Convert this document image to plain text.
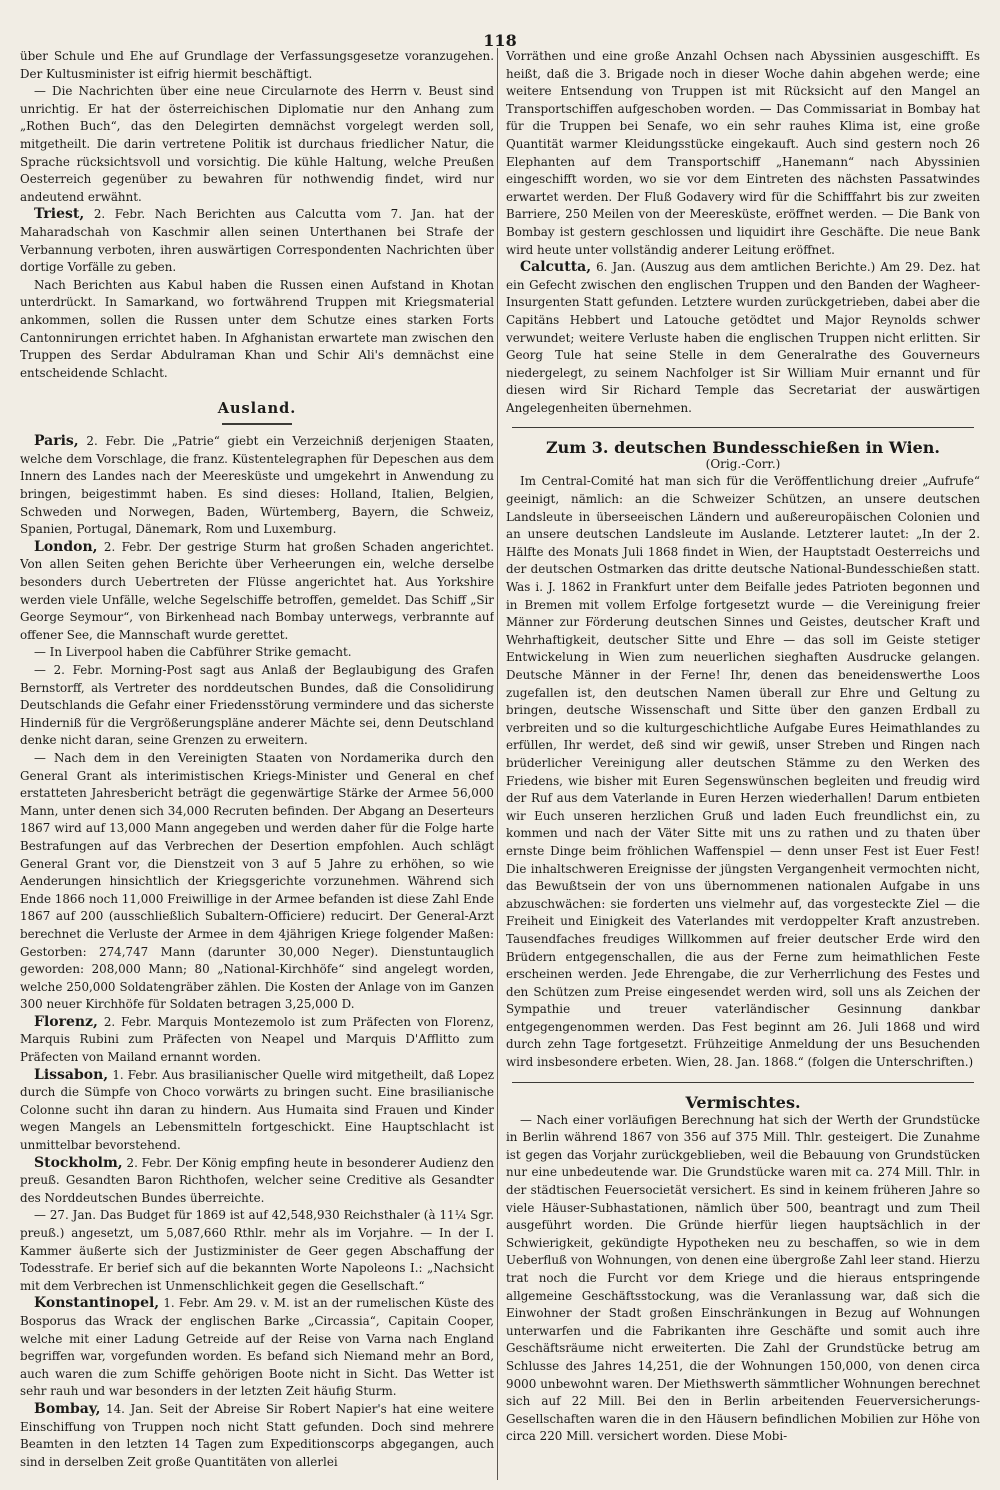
118

über Schule und Ehe auf Grundlage der Verfassungsgesetze voranzugehen. Der Kultusminister ist eifrig hiermit beschäftigt.

— Die Nachrichten über eine neue Circularnote des Herrn v. Beust sind unrichtig. Er hat der österreichischen Diplomatie nur den Anhang zum „Rothen Buch“, das den Delegirten demnächst vorgelegt werden soll, mitgetheilt. Die darin vertretene Politik ist durchaus friedlicher Natur, die Sprache rücksichtsvoll und vorsichtig. Die kühle Haltung, welche Preußen Oesterreich gegenüber zu bewahren für nothwendig findet, wird nur andeutend erwähnt.

Triest, 2. Febr. Nach Berichten aus Calcutta vom 7. Jan. hat der Maharadschah von Kaschmir allen seinen Unterthanen bei Strafe der Verbannung verboten, ihren auswärtigen Correspondenten Nachrichten über dortige Vorfälle zu geben.

Nach Berichten aus Kabul haben die Russen einen Aufstand in Khotan unterdrückt. In Samarkand, wo fortwährend Truppen mit Kriegsmaterial ankommen, sollen die Russen unter dem Schutze eines starken Forts Cantonnirungen errichtet haben. In Afghanistan erwartete man zwischen den Truppen des Serdar Abdulraman Khan und Schir Ali's demnächst eine entscheidende Schlacht.

Ausland.

Paris, 2. Febr. Die „Patrie“ giebt ein Verzeichniß derjenigen Staaten, welche dem Vorschlage, die franz. Küstentelegraphen für Depeschen aus dem Innern des Landes nach der Meeresküste und umgekehrt in Anwendung zu bringen, beigestimmt haben. Es sind dieses: Holland, Italien, Belgien, Schweden und Norwegen, Baden, Würtemberg, Bayern, die Schweiz, Spanien, Portugal, Dänemark, Rom und Luxemburg.

London, 2. Febr. Der gestrige Sturm hat großen Schaden angerichtet. Von allen Seiten gehen Berichte über Verheerungen ein, welche derselbe besonders durch Uebertreten der Flüsse angerichtet hat. Aus Yorkshire werden viele Unfälle, welche Segelschiffe betroffen, gemeldet. Das Schiff „Sir George Seymour“, von Birkenhead nach Bombay unterwegs, verbrannte auf offener See, die Mannschaft wurde gerettet.

— In Liverpool haben die Cabführer Strike gemacht.

— 2. Febr. Morning-Post sagt aus Anlaß der Beglaubigung des Grafen Bernstorff, als Vertreter des norddeutschen Bundes, daß die Consolidirung Deutschlands die Gefahr einer Friedensstörung verminderе und das sicherste Hinderniß für die Vergrößerungspläne anderer Mächte sei, denn Deutschland denke nicht daran, seine Grenzen zu erweitern.

— Nach dem in den Vereinigten Staaten von Nordamerika durch den General Grant als interimistischen Kriegs-Minister und General en chef erstatteten Jahresbericht beträgt die gegenwärtige Stärke der Armee 56,000 Mann, unter denen sich 34,000 Recruten befinden. Der Abgang an Deserteurs 1867 wird auf 13,000 Mann angegeben und werden daher für die Folge harte Bestrafungen auf das Verbrechen der Desertion empfohlen. Auch schlägt General Grant vor, die Dienstzeit von 3 auf 5 Jahre zu erhöhen, so wie Aenderungen hinsichtlich der Kriegsgerichte vorzunehmen. Während sich Ende 1866 noch 11,000 Freiwillige in der Armee befanden ist diese Zahl Ende 1867 auf 200 (ausschließlich Subaltern-Officiere) reducirt. Der General-Arzt berechnet die Verluste der Armee in dem 4jährigen Kriege folgender Maßen: Gestorben: 274,747 Mann (darunter 30,000 Neger). Dienstuntauglich geworden: 208,000 Mann; 80 „National-Kirchhöfe“ sind angelegt worden, welche 250,000 Soldatengräber zählen. Die Kosten der Anlage von im Ganzen 300 neuer Kirchhöfe für Soldaten betragen 3,25,000 D.

Florenz, 2. Febr. Marquis Montezemolo ist zum Präfecten von Florenz, Marquis Rubini zum Präfecten von Neapel und Marquis D'Afflitto zum Präfecten von Mailand ernannt worden.

Lissabon, 1. Febr. Aus brasilianischer Quelle wird mitgetheilt, daß Lopez durch die Sümpfe von Choco vorwärts zu bringen sucht. Eine brasilianische Colonne sucht ihn daran zu hindern. Aus Humaita sind Frauen und Kinder wegen Mangels an Lebensmitteln fortgeschickt. Eine Hauptschlacht ist unmittelbar bevorstehend.

Stockholm, 2. Febr. Der König empfing heute in besonderer Audienz den preuß. Gesandten Baron Richthofen, welcher seine Creditive als Gesandter des Norddeutschen Bundes überreichte.

— 27. Jan. Das Budget für 1869 ist auf 42,548,930 Reichsthaler (à 11¼ Sgr. preuß.) angesetzt, um 5,087,660 Rthlr. mehr als im Vorjahre. — In der I. Kammer äußerte sich der Justizminister de Geer gegen Abschaffung der Todesstrafe. Er berief sich auf die bekannten Worte Napoleons I.: „Nachsicht mit dem Verbrechen ist Unmenschlichkeit gegen die Gesellschaft.“

Konstantinopel, 1. Febr. Am 29. v. M. ist an der rumelischen Küste des Bosporus das Wrack der englischen Barke „Circassia“, Capitain Cooper, welche mit einer Ladung Getreide auf der Reise von Varna nach England begriffen war, vorgefunden worden. Es befand sich Niemand mehr an Bord, auch waren die zum Schiffe gehörigen Boote nicht in Sicht. Das Wetter ist sehr rauh und war besonders in der letzten Zeit häufig Sturm.

Bombay, 14. Jan. Seit der Abreise Sir Robert Napier's hat eine weitere Einschiffung von Truppen noch nicht Statt gefunden. Doch sind mehrere Beamten in den letzten 14 Tagen zum Expeditionscorps abgegangen, auch sind in derselben Zeit große Quantitäten von allerlei

Vorräthen und eine große Anzahl Ochsen nach Abyssinien ausgeschifft. Es heißt, daß die 3. Brigade noch in dieser Woche dahin abgehen werde; eine weitere Entsendung von Truppen ist mit Rücksicht auf den Mangel an Transportschiffen aufgeschoben worden. — Das Commissariat in Bombay hat für die Truppen bei Senafe, wo ein sehr rauhes Klima ist, eine große Quantität warmer Kleidungsstücke eingekauft. Auch sind gestern noch 26 Elephanten auf dem Transportschiff „Hanemann“ nach Abyssinien eingeschifft worden, wo sie vor dem Eintreten des nächsten Passatwindes erwartet werden. Der Fluß Godavery wird für die Schifffahrt bis zur zweiten Barriere, 250 Meilen von der Meeresküste, eröffnet werden. — Die Bank von Bombay ist gestern geschlossen und liquidirt ihre Geschäfte. Die neue Bank wird heute unter vollständig anderer Leitung eröffnet.

Calcutta, 6. Jan. (Auszug aus dem amtlichen Berichte.) Am 29. Dez. hat ein Gefecht zwischen den englischen Truppen und den Banden der Wagheer-Insurgenten Statt gefunden. Letztere wurden zurückgetrieben, dabei aber die Capitäns Hebbert und Latouche getödtet und Major Reynolds schwer verwundet; weitere Verluste haben die englischen Truppen nicht erlitten. Sir Georg Tule hat seine Stelle in dem Generalrathe des Gouverneurs niedergelegt, zu seinem Nachfolger ist Sir William Muir ernannt und für diesen wird Sir Richard Temple das Secretariat der auswärtigen Angelegenheiten übernehmen.

Zum 3. deutschen Bundesschießen in Wien.
(Orig.-Corr.)

Im Central-Comité hat man sich für die Veröffentlichung dreier „Aufrufe“ geeinigt, nämlich: an die Schweizer Schützen, an unsere deutschen Landsleute in überseeischen Ländern und außereuropäischen Colonien und an unsere deutschen Landsleute im Auslande. Letzterer lautet: „In der 2. Hälfte des Monats Juli 1868 findet in Wien, der Hauptstadt Oesterreichs und der deutschen Ostmarken das dritte deutsche National-Bundesschießen statt. Was i. J. 1862 in Frankfurt unter dem Beifalle jedes Patrioten begonnen und in Bremen mit vollem Erfolge fortgesetzt wurde — die Vereinigung freier Männer zur Förderung deutschen Sinnes und Geistes, deutscher Kraft und Wehrhaftigkeit, deutscher Sitte und Ehre — das soll im Geiste stetiger Entwickelung in Wien zum neuerlichen sieghaften Ausdrucke gelangen. Deutsche Männer in der Ferne! Ihr, denen das beneidenswerthe Loos zugefallen ist, den deutschen Namen überall zur Ehre und Geltung zu bringen, deutsche Wissenschaft und Sitte über den ganzen Erdball zu verbreiten und so die kulturgeschichtliche Aufgabe Eures Heimathlandes zu erfüllen, Ihr werdet, deß sind wir gewiß, unser Streben und Ringen nach brüderlicher Vereinigung aller deutschen Stämme zu den Werken des Friedens, wie bisher mit Euren Segenswünschen begleiten und freudig wird der Ruf aus dem Vaterlande in Euren Herzen wiederhallen! Darum entbieten wir Euch unseren herzlichen Gruß und laden Euch freundlichst ein, zu kommen und nach der Väter Sitte mit uns zu rathen und zu thaten über ernste Dinge beim fröhlichen Waffenspiel — denn unser Fest ist Euer Fest! Die inhaltschweren Ereignisse der jüngsten Vergangenheit vermochten nicht, das Bewußtsein der von uns übernommenen nationalen Aufgabe in uns abzuschwächen: sie forderten uns vielmehr auf, das vorgesteckte Ziel — die Freiheit und Einigkeit des Vaterlandes mit verdoppelter Kraft anzustreben. Tausendfaches freudiges Willkommen auf freier deutscher Erde wird den Brüdern entgegenschallen, die aus der Ferne zum heimathlichen Feste erscheinen werden. Jede Ehrengabe, die zur Verherrlichung des Festes und den Schützen zum Preise eingesendet werden wird, soll uns als Zeichen der Sympathie und treuer vaterländischer Gesinnung dankbar entgegengenommen werden. Das Fest beginnt am 26. Juli 1868 und wird durch zehn Tage fortgesetzt. Frühzeitige Anmeldung der uns Besuchenden wird insbesondere erbeten. Wien, 28. Jan. 1868.“ (folgen die Unterschriften.)

Vermischtes.

— Nach einer vorläufigen Berechnung hat sich der Werth der Grundstücke in Berlin während 1867 von 356 auf 375 Mill. Thlr. gesteigert. Die Zunahme ist gegen das Vorjahr zurückgeblieben, weil die Bebauung von Grundstücken nur eine unbedeutende war. Die Grundstücke waren mit ca. 274 Mill. Thlr. in der städtischen Feuersocietät versichert. Es sind in keinem früheren Jahre so viele Häuser-Subhastationen, nämlich über 500, beantragt und zum Theil ausgeführt worden. Die Gründe hierfür liegen hauptsächlich in der Schwierigkeit, gekündigte Hypotheken neu zu beschaffen, so wie in dem Ueberfluß von Wohnungen, von denen eine übergroße Zahl leer stand. Hierzu trat noch die Furcht vor dem Kriege und die hieraus entspringende allgemeine Geschäftsstockung, was die Veranlassung war, daß sich die Einwohner der Stadt großen Einschränkungen in Bezug auf Wohnungen unterwarfen und die Fabrikanten ihre Geschäfte und somit auch ihre Geschäftsräume nicht erweiterten. Die Zahl der Grundstücke betrug am Schlusse des Jahres 14,251, die der Wohnungen 150,000, von denen circa 9000 unbewohnt waren. Der Miethswerth sämmtlicher Wohnungen berechnet sich auf 22 Mill. Bei den in Berlin arbeitenden Feuerversicherungs-Gesellschaften waren die in den Häusern befindlichen Mobilien zur Höhe von circa 220 Mill. versichert worden. Diese Mobi-
